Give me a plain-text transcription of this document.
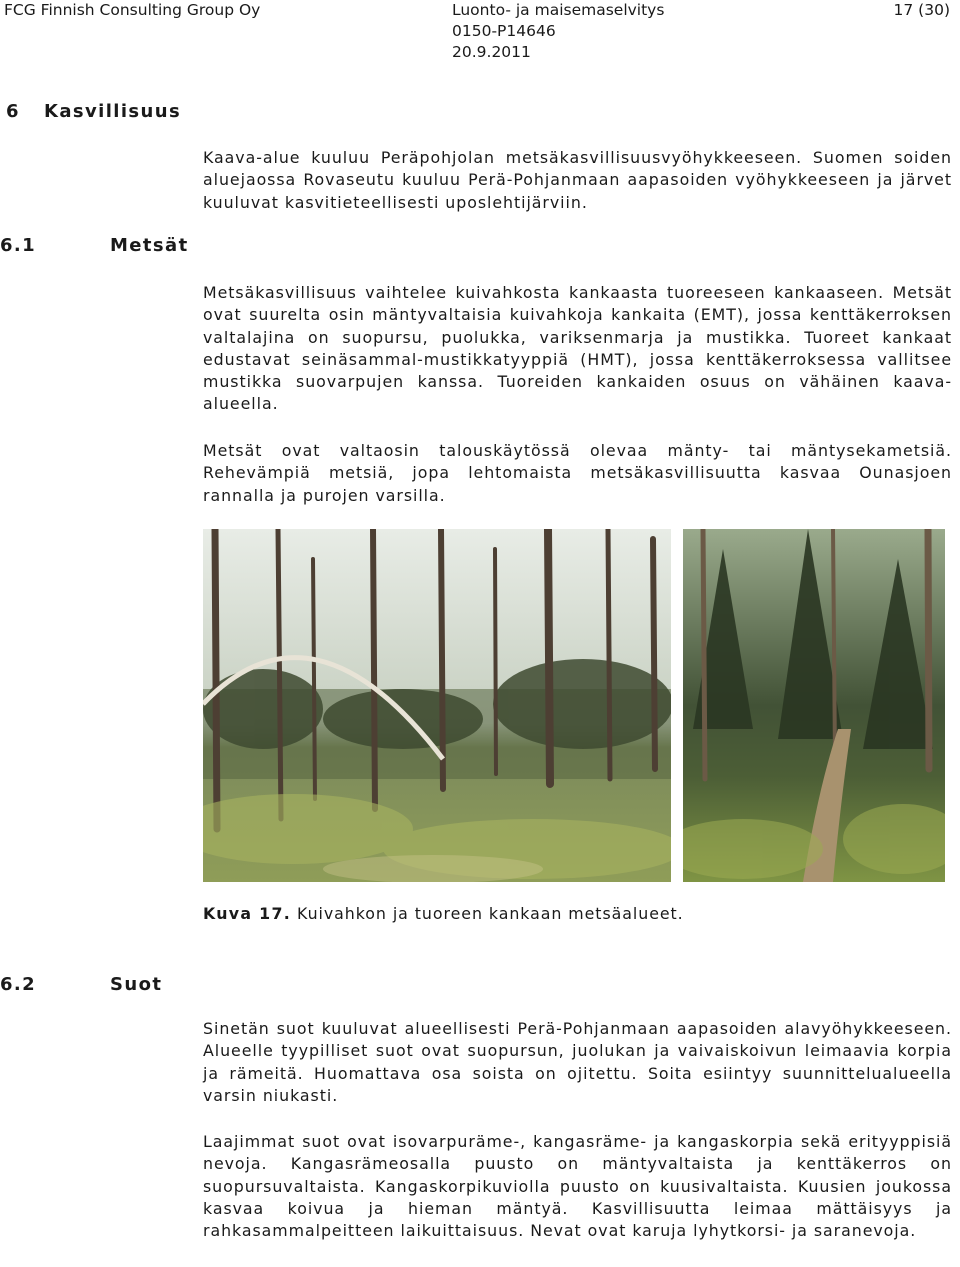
FCG Finnish Consulting Group Oy	Luonto- ja maisemaselvitys
0150-P14646
20.9.2011
17 (30)
6 Kasvillisuus
Kaava-alue kuuluu Peräpohjolan metsäkasvillisuusvyöhykkeeseen. Suomen soiden aluejaossa Rovaseutu kuuluu Perä-Pohjanmaan aapasoiden vyöhykkeeseen ja järvet kuuluvat kasvitieteellisesti uposlehtijärviin.
6.1	Metsät
Metsäkasvillisuus vaihtelee kuivahkosta kankaasta tuoreeseen kankaaseen. Metsät ovat suurelta osin mäntyvaltaisia kuivahkoja kankaita (EMT), jossa kenttäkerroksen valtalajina on suopursu, puolukka, variksenmarja ja mustikka. Tuoreet kankaat edustavat seinäsammal-mustikkatyyppiä (HMT), jossa kenttäkerroksessa vallitsee mustikka suovarpujen kanssa. Tuoreiden kankaiden osuus on vähäinen kaava-alueella.
Metsät ovat valtaosin talouskäytössä olevaa mänty- tai mäntysekametsiä. Rehevämpiä metsiä, jopa lehtomaista metsäkasvillisuutta kasvaa Ounasjoen rannalla ja purojen varsilla.
Kuva 17. Kuivahkon ja tuoreen kankaan metsäalueet.
6.2	Suot
Sinetän suot kuuluvat alueellisesti Perä-Pohjanmaan aapasoiden alavyöhykkeeseen. Alueelle tyypilliset suot ovat suopursun, juolukan ja vaivaiskoivun leimaavia korpia ja rämeitä. Huomattava osa soista on ojitettu. Soita esiintyy suunnittelualueella varsin niukasti.
Laajimmat suot ovat isovarpuräme-, kangasräme- ja kangaskorpia sekä erityyppisiä nevoja. Kangasrämeosalla puusto on mäntyvaltaista ja kenttäkerros on suopursuvaltaista. Kangaskorpikuviolla puusto on kuusivaltaista. Kuusien joukossa kasvaa koivua ja hieman mäntyä. Kasvillisuutta leimaa mättäisyys ja rahkasammalpeitteen laikuittaisuus. Nevat ovat karuja lyhytkorsi- ja saranevoja.
